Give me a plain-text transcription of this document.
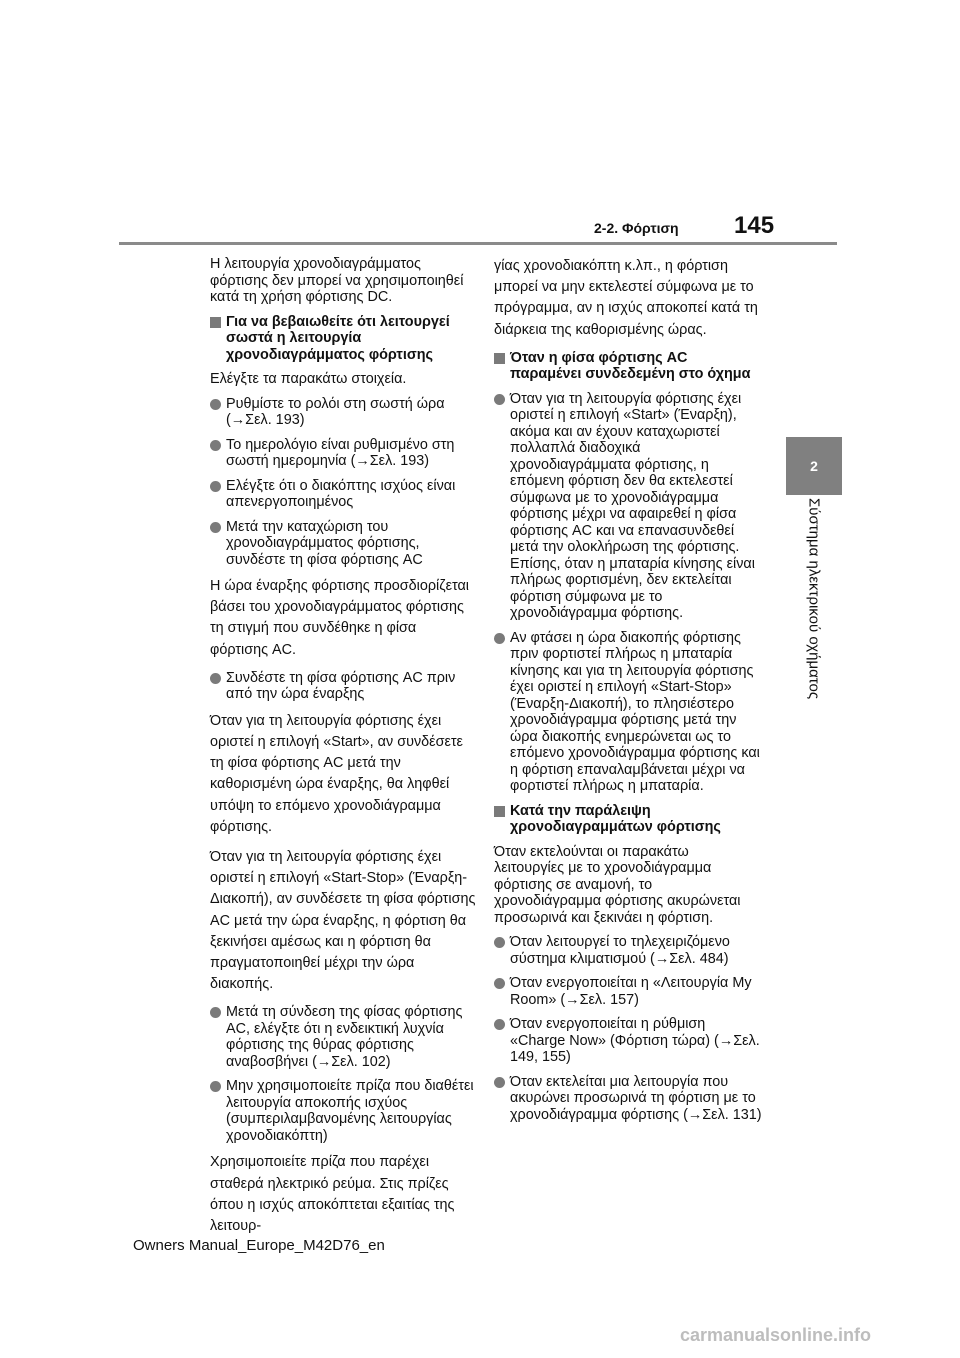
2-2. Φόρτιση 145
2
Σύστημα ηλεκτρικού οχήματος

Η λειτουργία χρονοδιαγράμματος φόρτισης δεν μπορεί να χρησιμοποιηθεί κατά τη χρήση φόρτισης DC.

Για να βεβαιωθείτε ότι λειτουργεί σωστά η λειτουργία χρονοδιαγράμματος φόρτισης

Ελέγξτε τα παρακάτω στοιχεία.

Ρυθμίστε το ρολόι στη σωστή ώρα (→Σελ. 193)
Το ημερολόγιο είναι ρυθμισμένο στη σωστή ημερομηνία (→Σελ. 193)
Ελέγξτε ότι ο διακόπτης ισχύος είναι απενεργοποιημένος
Μετά την καταχώριση του χρονοδιαγράμματος φόρτισης, συνδέστε τη φίσα φόρτισης AC

Η ώρα έναρξης φόρτισης προσδιορίζεται βάσει του χρονοδιαγράμματος φόρτισης τη στιγμή που συνδέθηκε η φίσα φόρτισης AC.

Συνδέστε τη φίσα φόρτισης AC πριν από την ώρα έναρξης

Όταν για τη λειτουργία φόρτισης έχει οριστεί η επιλογή «Start», αν συνδέσετε τη φίσα φόρτισης AC μετά την καθορισμένη ώρα έναρξης, θα ληφθεί υπόψη το επόμενο χρονοδιάγραμμα φόρτισης.

Όταν για τη λειτουργία φόρτισης έχει οριστεί η επιλογή «Start-Stop» (Έναρξη-Διακοπή), αν συνδέσετε τη φίσα φόρτισης AC μετά την ώρα έναρξης, η φόρτιση θα ξεκινήσει αμέσως και η φόρτιση θα πραγματοποιηθεί μέχρι την ώρα διακοπής.

Μετά τη σύνδεση της φίσας φόρτισης AC, ελέγξτε ότι η ενδεικτική λυχνία φόρτισης της θύρας φόρτισης αναβοσβήνει (→Σελ. 102)
Μην χρησιμοποιείτε πρίζα που διαθέτει λειτουργία αποκοπής ισχύος (συμπεριλαμβανομένης λειτουργίας χρονοδιακόπτη)

Χρησιμοποιείτε πρίζα που παρέχει σταθερά ηλεκτρικό ρεύμα. Στις πρίζες όπου η ισχύς αποκόπτεται εξαιτίας της λειτουρ-

γίας χρονοδιακόπτη κ.λπ., η φόρτιση μπορεί να μην εκτελεστεί σύμφωνα με το πρόγραμμα, αν η ισχύς αποκοπεί κατά τη διάρκεια της καθορισμένης ώρας.

Όταν η φίσα φόρτισης AC παραμένει συνδεδεμένη στο όχημα
Όταν για τη λειτουργία φόρτισης έχει οριστεί η επιλογή «Start» (Έναρξη), ακόμα και αν έχουν καταχωριστεί πολλαπλά διαδοχικά χρονοδιαγράμματα φόρτισης, η επόμενη φόρτιση δεν θα εκτελεστεί σύμφωνα με το χρονοδιάγραμμα φόρτισης μέχρι να αφαιρεθεί η φίσα φόρτισης AC και να επανασυνδεθεί μετά την ολοκλήρωση της φόρτισης. Επίσης, όταν η μπαταρία κίνησης είναι πλήρως φορτισμένη, δεν εκτελείται φόρτιση σύμφωνα με το χρονοδιάγραμμα φόρτισης.
Αν φτάσει η ώρα διακοπής φόρτισης πριν φορτιστεί πλήρως η μπαταρία κίνησης και για τη λειτουργία φόρτισης έχει οριστεί η επιλογή «Start-Stop» (Έναρξη-Διακοπή), το πλησιέστερο χρονοδιάγραμμα φόρτισης μετά την ώρα διακοπής ενημερώνεται ως το επόμενο χρονοδιάγραμμα φόρτισης και η φόρτιση επαναλαμβάνεται μέχρι να φορτιστεί πλήρως η μπαταρία.
Κατά την παράλειψη χρονοδιαγραμμάτων φόρτισης

Όταν εκτελούνται οι παρακάτω λειτουργίες με το χρονοδιάγραμμα φόρτισης σε αναμονή, το χρονοδιάγραμμα φόρτισης ακυρώνεται προσωρινά και ξεκινάει η φόρτιση.

Όταν λειτουργεί το τηλεχειριζόμενο σύστημα κλιματισμού (→Σελ. 484)
Όταν ενεργοποιείται η «Λειτουργία My Room» (→Σελ. 157)
Όταν ενεργοποιείται η ρύθμιση «Charge Now» (Φόρτιση τώρα) (→Σελ. 149, 155)
Όταν εκτελείται μια λειτουργία που ακυρώνει προσωρινά τη φόρτιση με το χρονοδιάγραμμα φόρτισης (→Σελ. 131)
Owners Manual_Europe_M42D76_en
carmanualsonline.info
